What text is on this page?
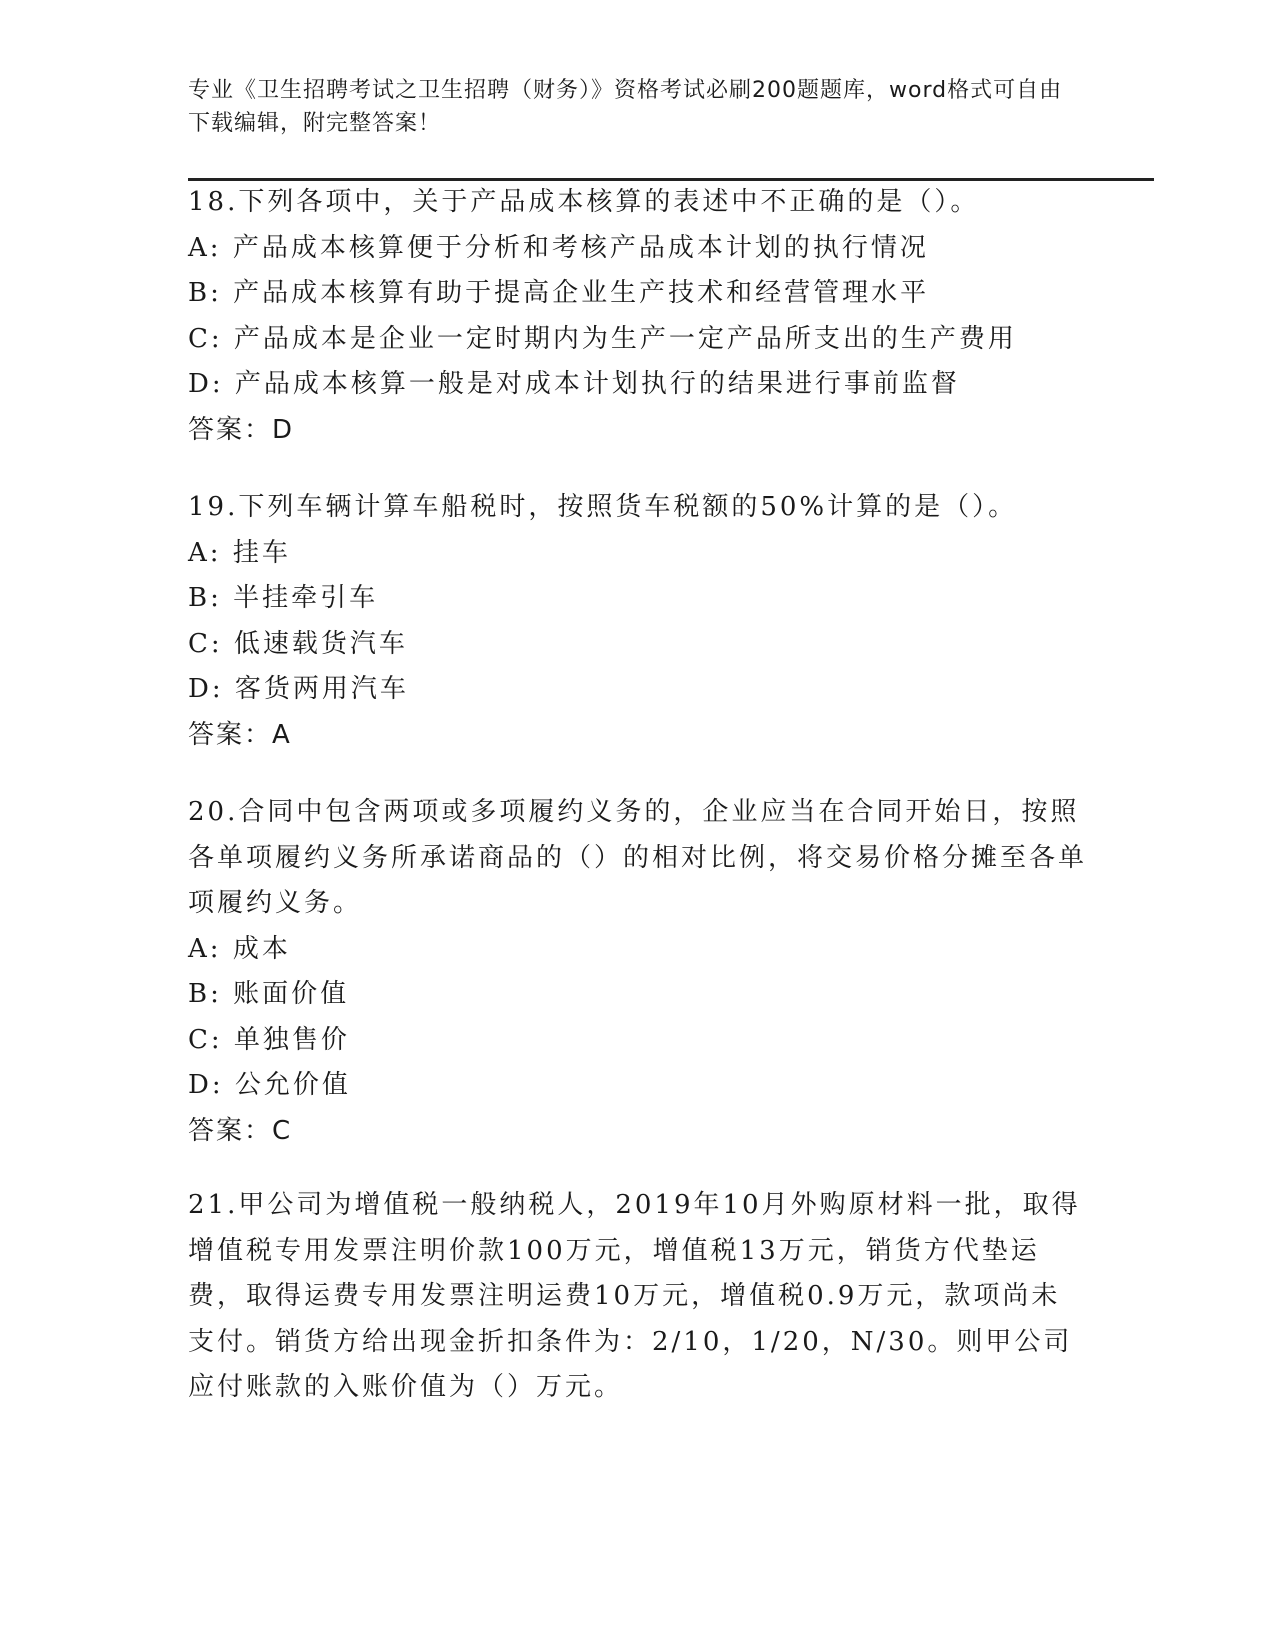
专业《卫生招聘考试之卫生招聘（财务）》资格考试必刷200题题库，word格式可自由下载编辑，附完整答案！

18.下列各项中，关于产品成本核算的表述中不正确的是（）。

A: 产品成本核算便于分析和考核产品成本计划的执行情况

B: 产品成本核算有助于提高企业生产技术和经营管理水平

C: 产品成本是企业一定时期内为生产一定产品所支出的生产费用

D: 产品成本核算一般是对成本计划执行的结果进行事前监督

答案：D

19.下列车辆计算车船税时，按照货车税额的50%计算的是（）。

A: 挂车

B: 半挂牵引车

C: 低速载货汽车

D: 客货两用汽车

答案：A

20.合同中包含两项或多项履约义务的，企业应当在合同开始日，按照各单项履约义务所承诺商品的（）的相对比例，将交易价格分摊至各单项履约义务。

A: 成本

B: 账面价值

C: 单独售价

D: 公允价值

答案：C

21.甲公司为增值税一般纳税人，2019年10月外购原材料一批，取得增值税专用发票注明价款100万元，增值税13万元，销货方代垫运费，取得运费专用发票注明运费10万元，增值税0.9万元，款项尚未支付。销货方给出现金折扣条件为：2/10，1/20，N/30。则甲公司应付账款的入账价值为（）万元。
